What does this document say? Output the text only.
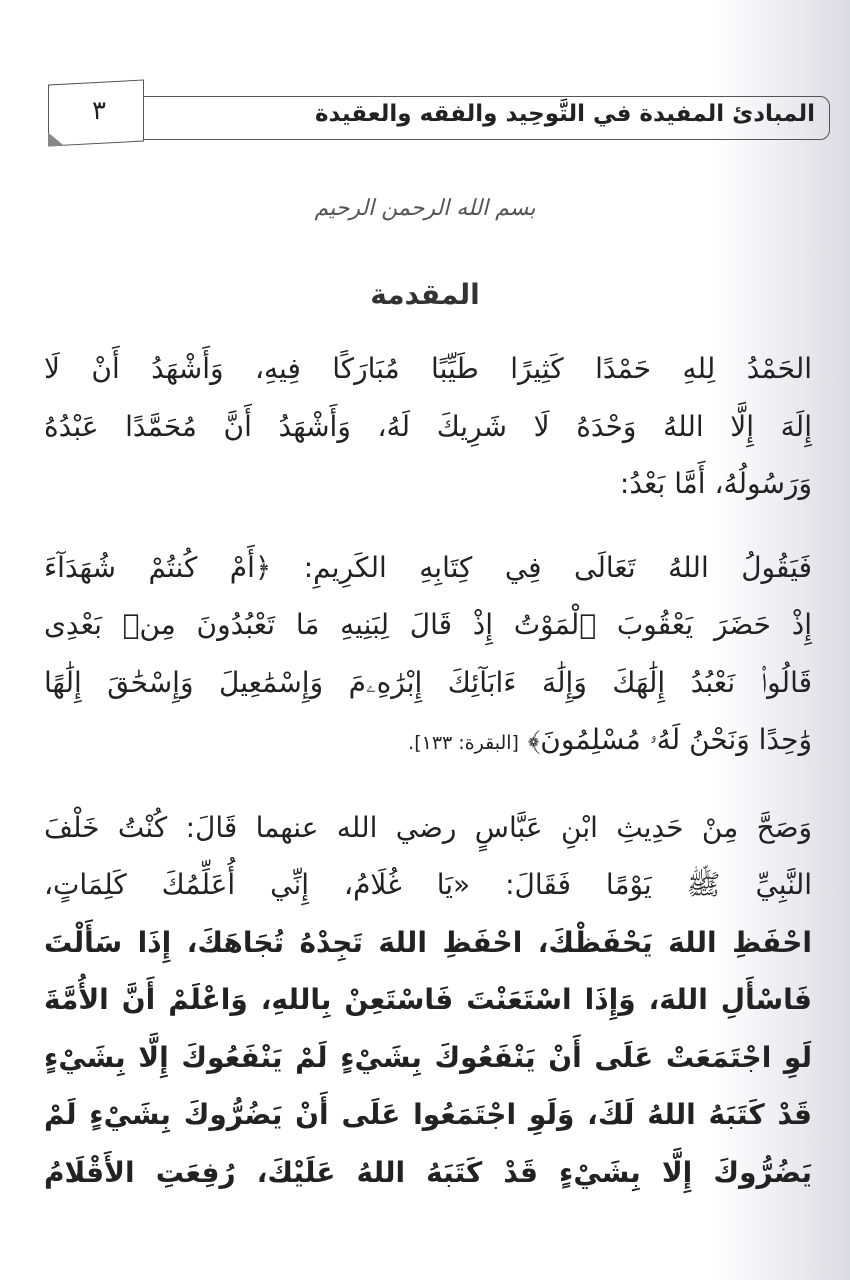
المبادئ المفيدة في التَّوحِيد والفقه والعقيدة
٣
بسم الله الرحمن الرحيم
المقدمة
الحَمْدُ لِلهِ حَمْدًا كَثِيرًا طَيِّبًا مُبَارَكًا فِيهِ، وَأَشْهَدُ أَنْ لَا
إِلَهَ إِلَّا اللهُ وَحْدَهُ لَا شَرِيكَ لَهُ، وَأَشْهَدُ أَنَّ مُحَمَّدًا عَبْدُهُ
وَرَسُولُهُ، أَمَّا بَعْدُ:
فَيَقُولُ اللهُ تَعَالَى فِي كِتَابِهِ الكَرِيمِ: ﴿أَمْ كُنتُمْ شُهَدَآءَ
إِذْ حَضَرَ يَعْقُوبَ ٱلْمَوْتُ إِذْ قَالَ لِبَنِيهِ مَا تَعْبُدُونَ مِنۢ بَعْدِى
قَالُوا۟ نَعْبُدُ إِلَٰهَكَ وَإِلَٰهَ ءَابَآئِكَ إِبْرَٰهِۦمَ وَإِسْمَٰعِيلَ وَإِسْحَٰقَ إِلَٰهًا
وَٰحِدًا وَنَحْنُ لَهُۥ مُسْلِمُونَ﴾ [البقرة: ١٣٣].
وَصَحَّ مِنْ حَدِيثِ ابْنِ عَبَّاسٍ رضي الله عنهما قَالَ: كُنْتُ خَلْفَ
النَّبِيِّ ﷺ يَوْمًا فَقَالَ: «يَا غُلَامُ، إِنِّي أُعَلِّمُكَ كَلِمَاتٍ،
احْفَظِ اللهَ يَحْفَظْكَ، احْفَظِ اللهَ تَجِدْهُ تُجَاهَكَ، إِذَا سَأَلْتَ
فَاسْأَلِ اللهَ، وَإِذَا اسْتَعَنْتَ فَاسْتَعِنْ بِاللهِ، وَاعْلَمْ أَنَّ الأُمَّةَ
لَوِ اجْتَمَعَتْ عَلَى أَنْ يَنْفَعُوكَ بِشَيْءٍ لَمْ يَنْفَعُوكَ إِلَّا بِشَيْءٍ
قَدْ كَتَبَهُ اللهُ لَكَ، وَلَوِ اجْتَمَعُوا عَلَى أَنْ يَضُرُّوكَ بِشَيْءٍ لَمْ
يَضُرُّوكَ إِلَّا بِشَيْءٍ قَدْ كَتَبَهُ اللهُ عَلَيْكَ، رُفِعَتِ الأَقْلَامُ
